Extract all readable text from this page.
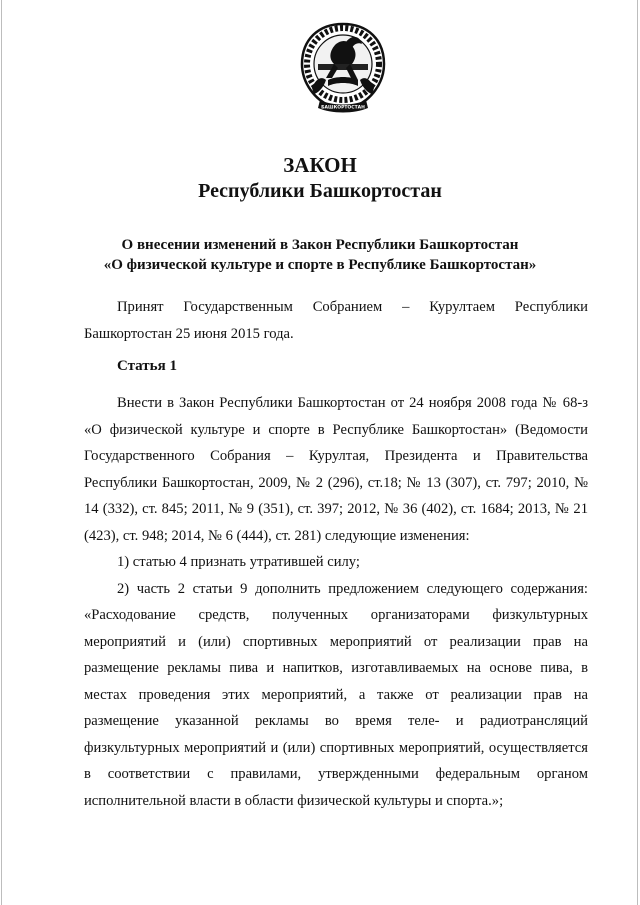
БАШКОРТОСТАН
ЗАКОН
Республики Башкортостан
О внесении изменений в Закон Республики Башкортостан
«О физической культуре и спорте в Республике Башкортостан»
Принят Государственным Собранием – Курултаем Республики Башкортостан 25 июня 2015 года.
Статья 1

Внести в Закон Республики Башкортостан от 24 ноября 2008 года № 68-з «О физической культуре и спорте в Республике Башкортостан» (Ведомости Государственного Собрания – Курултая, Президента и Правительства Республики Башкортостан, 2009, № 2 (296), ст.18; № 13 (307), ст. 797; 2010, № 14 (332), ст. 845; 2011, № 9 (351), ст. 397; 2012, № 36 (402), ст. 1684; 2013, № 21 (423), ст. 948; 2014, № 6 (444), ст. 281) следующие изменения:

1) статью 4 признать утратившей силу;

2) часть 2 статьи 9 дополнить предложением следующего содержания: «Расходование средств, полученных организаторами физкультурных мероприятий и (или) спортивных мероприятий от реализации прав на размещение рекламы пива и напитков, изготавливаемых на основе пива, в местах проведения этих мероприятий, а также от реализации прав на размещение указанной рекламы во время теле- и радиотрансляций физкультурных мероприятий и (или) спортивных мероприятий, осуществляется в соответствии с правилами, утвержденными федеральным органом исполнительной власти в области физической культуры и спорта.»;
